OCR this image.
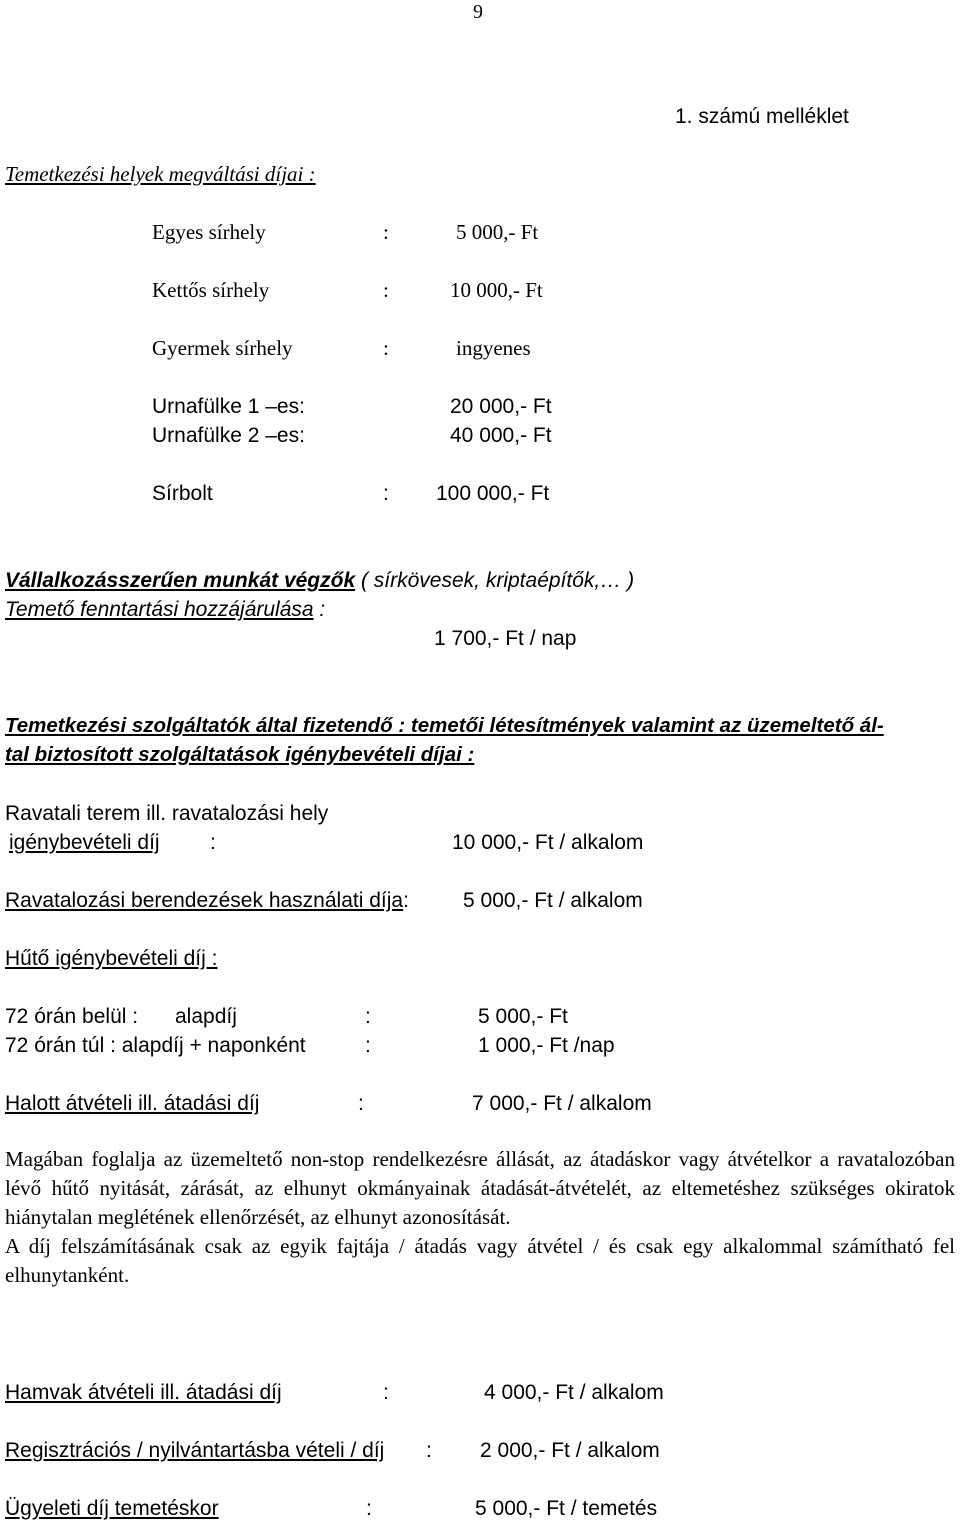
9
1. számú melléklet
Temetkezési helyek megváltási díjai :
Egyes sírhely	:	5 000,- Ft
Kettős sírhely	:	10 000,- Ft
Gyermek sírhely	:	ingyenes
Urnafülke 1 –es:	20 000,- Ft
Urnafülke 2 –es:	40 000,- Ft
Sírbolt	: 100 000,- Ft
Vállalkozásszerűen munkát végzők ( sírkövesek, kriptaépítők,… )
Temető fenntartási hozzájárulása :
1 700,- Ft / nap
Temetkezési szolgáltatók által fizetendő : temetői létesítmények valamint az üzemeltető ál-
tal biztosított szolgáltatások igénybevételi díjai :
Ravatali terem ill. ravatalozási hely
igénybevételi díj :	10 000,- Ft / alkalom
Ravatalozási berendezések használati díja:	5 000,- Ft / alkalom
Hűtő igénybevételi díj :
72 órán belül : alapdíj	:	5 000,- Ft
72 órán túl : alapdíj + naponként	:	1 000,- Ft /nap
Halott átvételi ill. átadási díj	:	7 000,- Ft / alkalom
Magában foglalja az üzemeltető non-stop rendelkezésre állását, az átadáskor vagy átvételkor a ravatalozóban lévő hűtő nyitását, zárását, az elhunyt okmányainak átadását-átvételét, az eltemetéshez szükséges okiratok hiánytalan meglétének ellenőrzését, az elhunyt azonosítását.
A díj felszámításának csak az egyik fajtája / átadás vagy átvétel / és csak egy alkalommal számítható fel elhunytanként.
Hamvak átvételi ill. átadási díj	:	4 000,- Ft / alkalom
Regisztrációs / nyilvántartásba vételi / díj : 2 000,- Ft / alkalom
Ügyeleti díj temetéskor	:	5 000,- Ft / temetés
